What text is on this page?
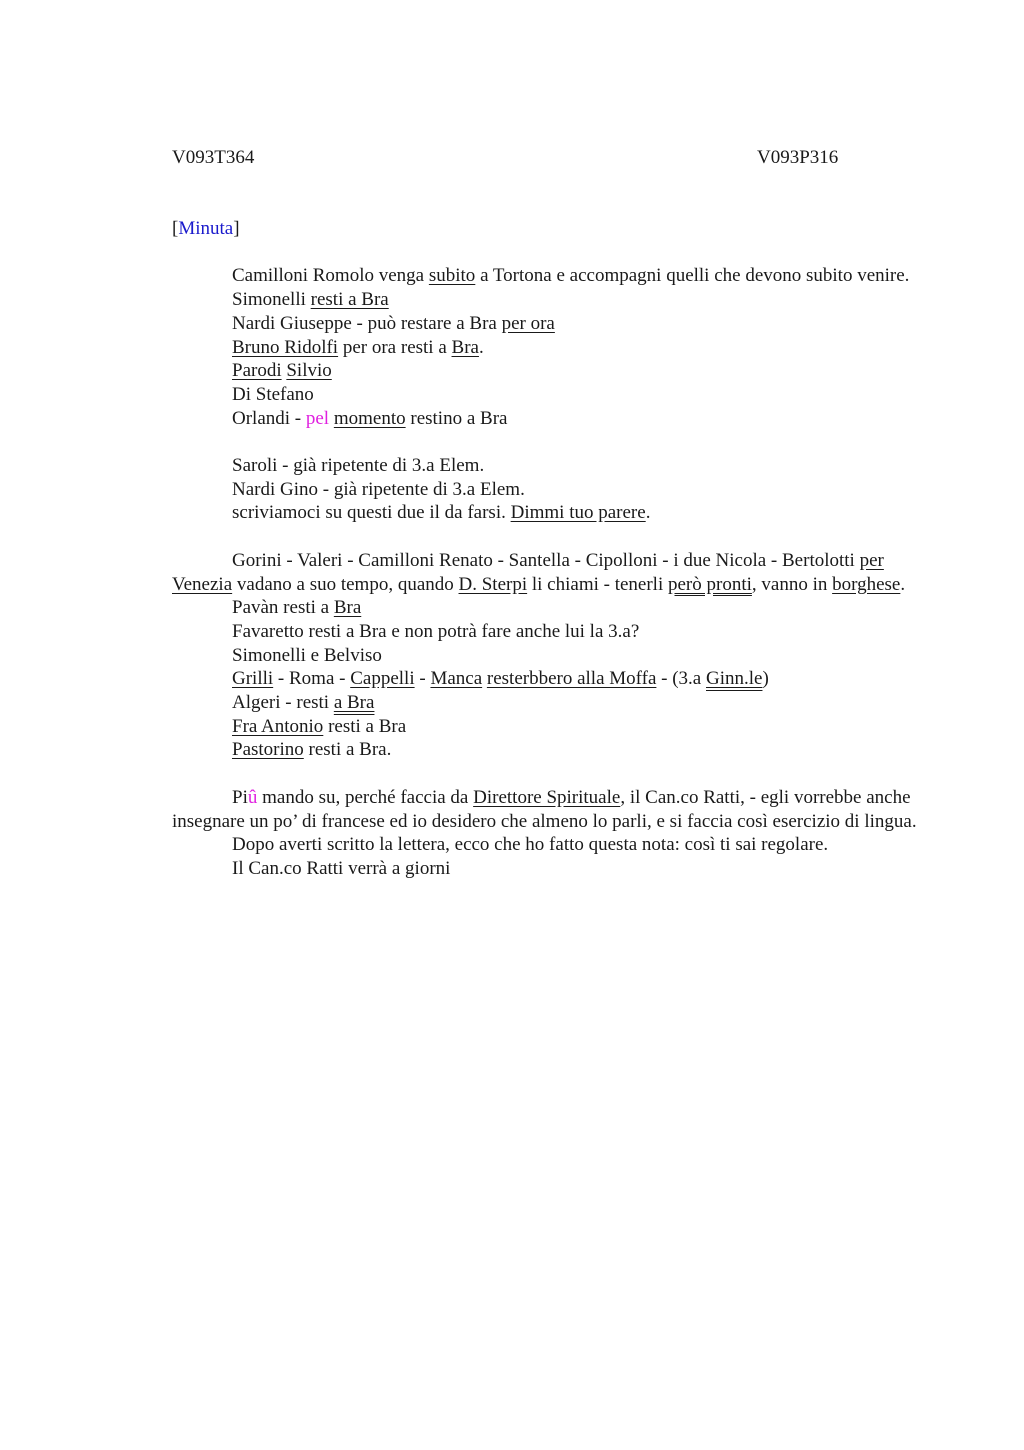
V093T364	V093P316

[Minuta]

Camilloni Romolo venga subito a Tortona e accompagni quelli che devono subito venire.

Simonelli resti a Bra

Nardi Giuseppe - può restare a Bra per ora

Bruno Ridolfi per ora resti a Bra.

Parodi Silvio

Di Stefano

Orlandi - pel momento restino a Bra

Saroli - già ripetente di 3.a Elem.

Nardi Gino - già ripetente di 3.a Elem.

scriviamoci su questi due il da farsi. Dimmi tuo parere.

Gorini - Valeri - Camilloni Renato - Santella - Cipolloni - i due Nicola - Bertolotti per Venezia vadano a suo tempo, quando D. Sterpi li chiami - tenerli però pronti, vanno in borghese.

Pavàn resti a Bra

Favaretto resti a Bra e non potrà fare anche lui la 3.a?

Simonelli e Belviso

Grilli - Roma - Cappelli - Manca resterbbero alla Moffa - (3.a Ginn.le)

Algeri - resti a Bra

Fra Antonio resti a Bra

Pastorino resti a Bra.

Piû mando su, perché faccia da Direttore Spirituale, il Can.co Ratti, - egli vorrebbe anche insegnare un po’ di francese ed io desidero che almeno lo parli, e si faccia così esercizio di lingua.

Dopo averti scritto la lettera, ecco che ho fatto questa nota: così ti sai regolare.

Il Can.co Ratti verrà a giorni
